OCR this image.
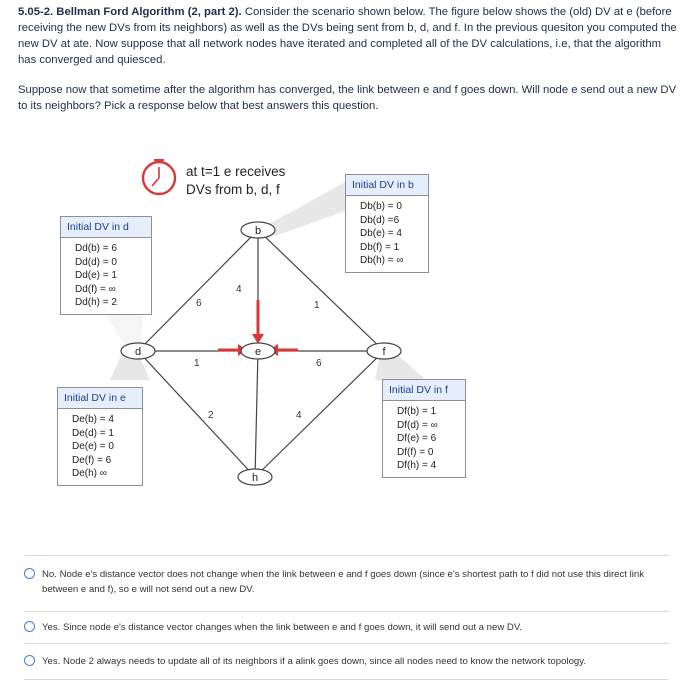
5.05-2. Bellman Ford Algorithm (2, part 2). Consider the scenario shown below. The figure below shows the (old) DV at e (before receiving the new DVs from its neighbors) as well as the DVs being sent from b, d, and f. In the previous quesiton you computed the new DV at ate. Now suppose that all network nodes have iterated and completed all of the DV calculations, i.e, that the algorithm has converged and quiesced.

Suppose now that sometime after the algorithm has converged, the link between e and f goes down. Will node e send out a new DV to its neighbors? Pick a response below that best answers this question.

6
4
1
1	6
2	4
b
d	e	f
h
at t=1 e receives
DVs from b, d, f
Initial DV in d
Dd(b) = 6
Dd(d) = 0
Dd(e) = 1
Dd(f) = ∞
Dd(h) = 2
Initial DV in b
Db(b) = 0
Db(d) =6
Db(e) = 4
Db(f) = 1
Db(h) = ∞
Initial DV in e
De(b) = 4
De(d) = 1
De(e) = 0
De(f) = 6
De(h) ∞
Initial DV in f
Df(b) = 1
Df(d) = ∞
Df(e) = 6
Df(f) = 0
Df(h) = 4
No. Node e's distance vector does not change when the link between e and f goes down (since e's shortest path to f did not use this direct link between e and f), so e will not send out a new DV.
Yes. Since node e's distance vector changes when the link between e and f goes down, it will send out a new DV.
Yes. Node 2 always needs to update all of its neighbors if a alink goes down, since all nodes need to know the network topology.
